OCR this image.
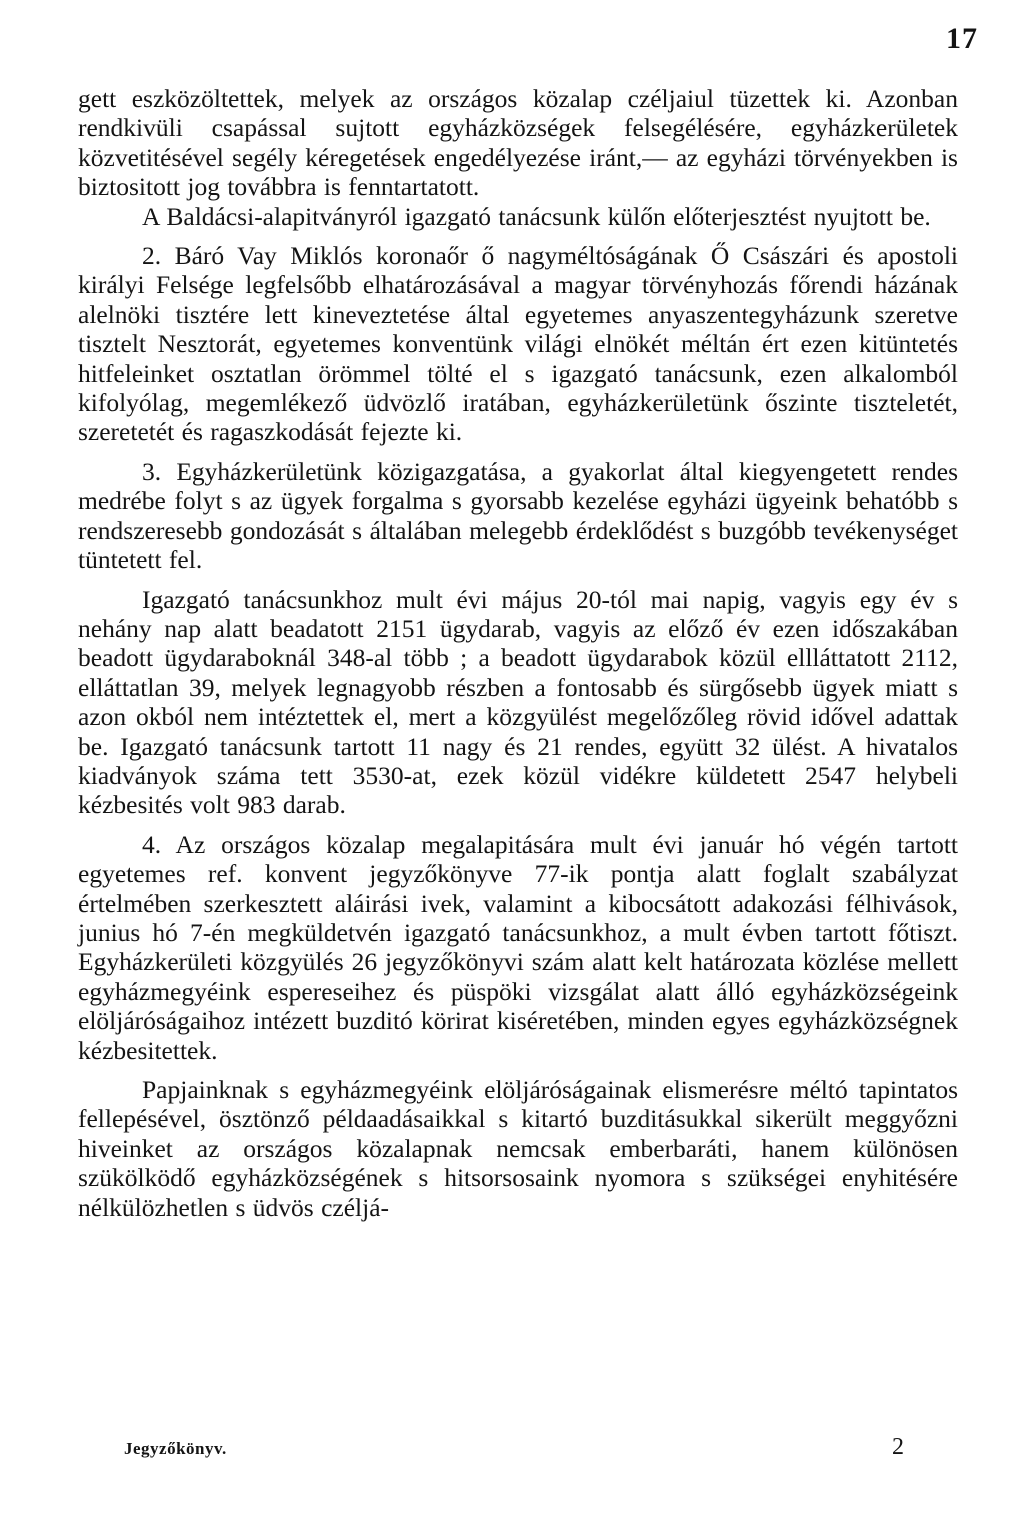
17

gett eszközöltettek, melyek az országos közalap czéljaiul tüzettek ki. Azonban rendkivüli csapással sujtott egyházközségek felsegélésére, egyházkerületek közvetitésével segély kéregetések engedélyezése iránt,— az egyházi törvényekben is biztositott jog továbbra is fenntartatott.

A Baldácsi-alapitványról igazgató tanácsunk külőn előterjesztést nyujtott be.

2. Báró Vay Miklós koronaőr ő nagyméltóságának Ő Császári és apostoli királyi Felsége legfelsőbb elhatározásával a magyar törvényhozás főrendi házának alelnöki tisztére lett kineveztetése által egyetemes anyaszentegyházunk szeretve tisztelt Nesztorát, egyetemes konventünk világi elnökét méltán ért ezen kitüntetés hitfeleinket osztatlan örömmel tölté el s igazgató tanácsunk, ezen alkalomból kifolyólag, megemlékező üdvözlő iratában, egyházkerületünk őszinte tiszteletét, szeretetét és ragaszkodását fejezte ki.

3. Egyházkerületünk közigazgatása, a gyakorlat által kiegyengetett rendes medrébe folyt s az ügyek forgalma s gyorsabb kezelése egyházi ügyeink behatóbb s rendszeresebb gondozását s általában melegebb érdeklődést s buzgóbb tevékenységet tüntetett fel.

Igazgató tanácsunkhoz mult évi május 20-tól mai napig, vagyis egy év s nehány nap alatt beadatott 2151 ügydarab, vagyis az előző év ezen időszakában beadott ügydaraboknál 348-al több ; a beadott ügydarabok közül ellláttatott 2112, elláttatlan 39, melyek legnagyobb részben a fontosabb és sürgősebb ügyek miatt s azon okból nem intéztettek el, mert a közgyülést megelőzőleg rövid idővel adattak be. Igazgató tanácsunk tartott 11 nagy és 21 rendes, együtt 32 ülést. A hivatalos kiadványok száma tett 3530-at, ezek közül vidékre küldetett 2547 helybeli kézbesités volt 983 darab.

4. Az országos közalap megalapitására mult évi január hó végén tartott egyetemes ref. konvent jegyzőkönyve 77-ik pontja alatt foglalt szabályzat értelmében szerkesztett aláirási ivek, valamint a kibocsátott adakozási félhivások, junius hó 7-én megküldetvén igazgató tanácsunkhoz, a mult évben tartott főtiszt. Egyházkerületi közgyülés 26 jegyzőkönyvi szám alatt kelt határozata közlése mellett egyházmegyéink espereseihez és püspöki vizsgálat alatt álló egyházközségeink elöljáróságaihoz intézett buzditó körirat kiséretében, minden egyes egyházközségnek kézbesitettek.

Papjainknak s egyházmegyéink elöljáróságainak elismerésre méltó tapintatos fellepésével, ösztönző példaadásaikkal s kitartó buzditásukkal sikerült meggyőzni hiveinket az országos közalapnak nemcsak emberbaráti, hanem különösen szükölködő egyházközségének s hitsorsosaink nyomora s szükségei enyhitésére nélkülözhetlen s üdvös czéljá-

Jegyzőkönyv.	2
